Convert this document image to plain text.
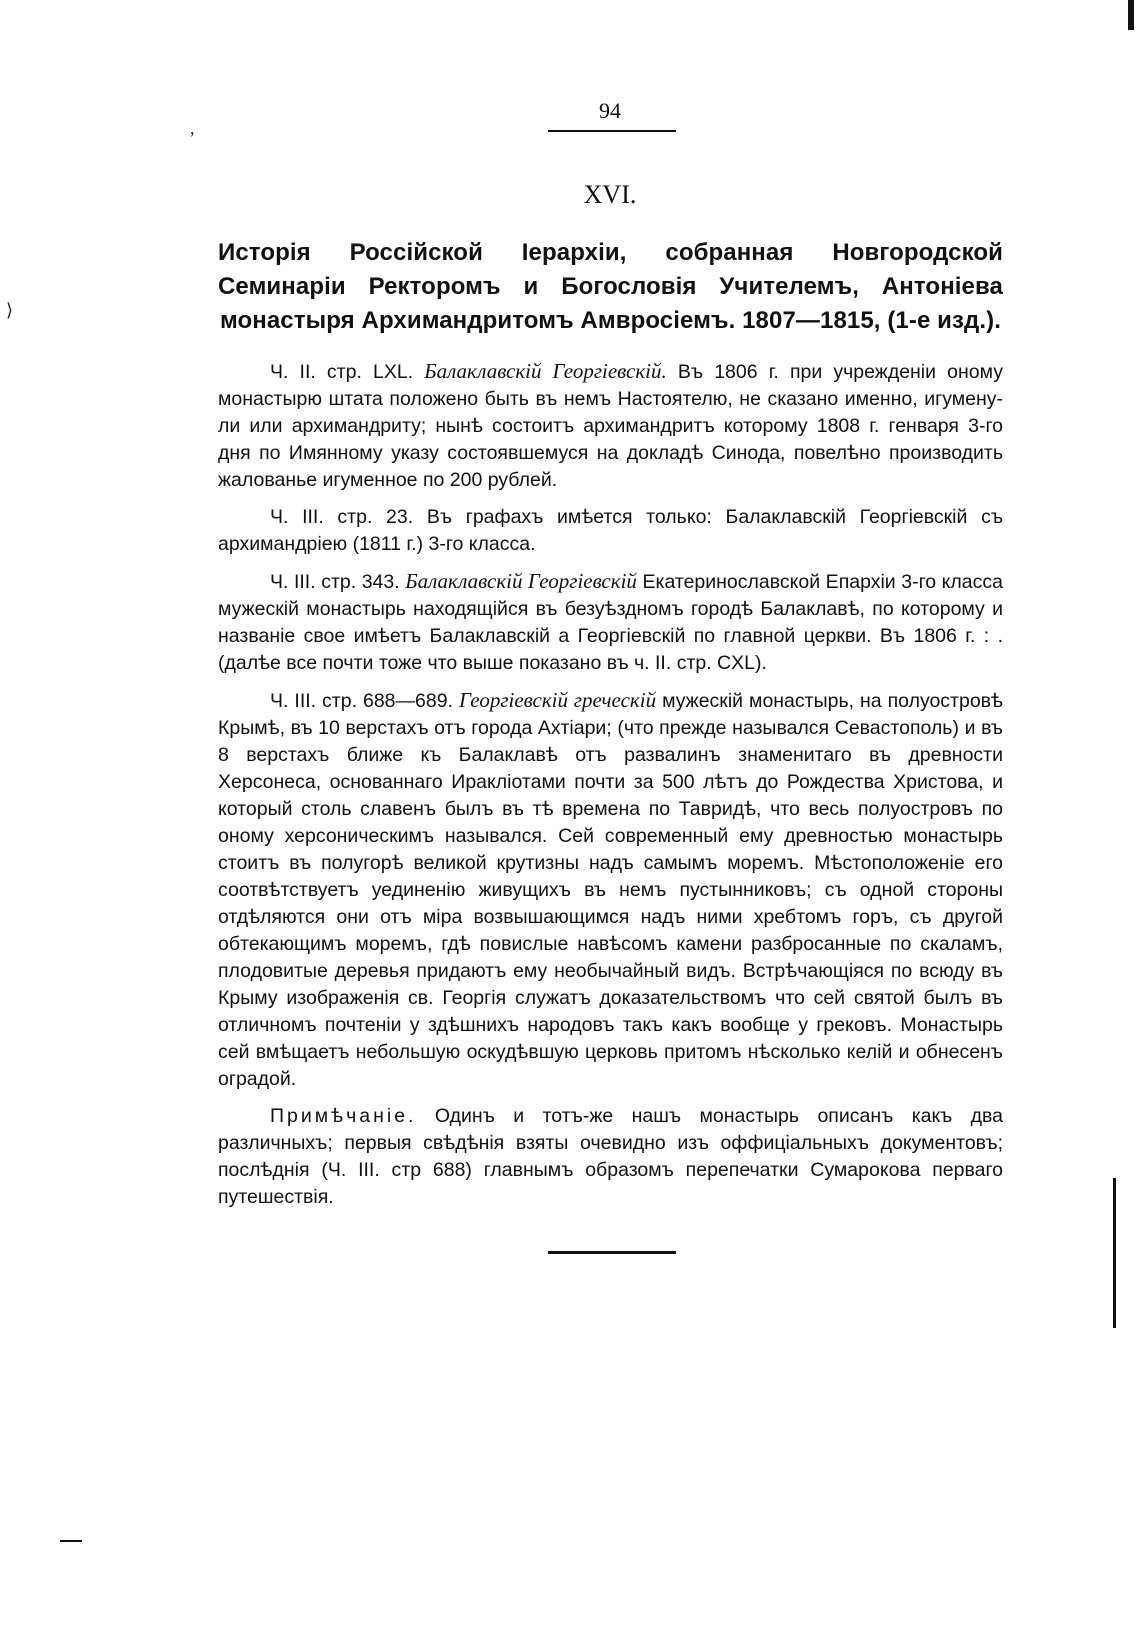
⟩
,
94
XVI.
Исторія Россійской Іерархіи, собранная Новгородской Семинаріи Ректоромъ и Богословія Учителемъ, Антоніева монастыря Архимандритомъ Амвросіемъ. 1807—1815, (1-е изд.).

Ч. II. стр. LXL. Балаклавскій Георгіевскій. Въ 1806 г. при учрежденіи оному монастырю штата положено быть въ немъ Настоятелю, не сказано именно, игумену-ли или архимандриту; нынѣ состоитъ архимандритъ которому 1808 г. генваря 3-го дня по Имянному указу состоявшемуся на докладѣ Синода, повелѣно производить жалованье игуменное по 200 рублей.

Ч. III. стр. 23. Въ графахъ имѣется только: Балаклавскій Георгіевскій съ архимандріею (1811 г.) 3-го класса.

Ч. III. стр. 343. Балаклавскій Георгіевскій Екатеринославской Епархіи 3-го класса мужескій монастырь находящійся въ безуѣздномъ городѣ Балаклавѣ, по которому и названіе свое имѣетъ Балаклавскій а Георгіевскій по главной церкви. Въ 1806 г. : . (далѣе все почти тоже что выше показано въ ч. II. стр. CXL).

Ч. III. стр. 688—689. Георгіевскій греческій мужескій монастырь, на полуостровѣ Крымѣ, въ 10 верстахъ отъ города Ахтіари; (что прежде назывался Севастополь) и въ 8 верстахъ ближе къ Балаклавѣ отъ развалинъ знаменитаго въ древности Херсонеса, основаннаго Ираклiотами почти за 500 лѣтъ до Рождества Христова, и который столь славенъ былъ въ тѣ времена по Тавридѣ, что весь полуостровъ по оному херсоническимъ назывался. Сей современный ему древностью монастырь стоитъ въ полугорѣ великой крутизны надъ самымъ моремъ. Мѣстоположеніе его соотвѣтствуетъ уединенію живущихъ въ немъ пустынниковъ; съ одной стороны отдѣляются они отъ міра возвышающимся надъ ними хребтомъ горъ, съ другой обтекающимъ моремъ, гдѣ повислые навѣсомъ камени разбросанные по скаламъ, плодовитые деревья придаютъ ему необычайный видъ. Встрѣчающіяся по всюду въ Крыму изображенія св. Георгія служатъ доказательствомъ что сей святой былъ въ отличномъ почтеніи у здѣшнихъ народовъ такъ какъ вообще у грековъ. Монастырь сей вмѣщаетъ небольшую оскудѣвшую церковь притомъ нѣсколько келій и обнесенъ оградой.

Примѣчаніе. Одинъ и тотъ-же нашъ монастырь описанъ какъ два различныхъ; первыя свѣдѣнія взяты очевидно изъ оффиціальныхъ документовъ; послѣднія (Ч. III. стр 688) главнымъ образомъ перепечатки Сумарокова перваго путешествія.
